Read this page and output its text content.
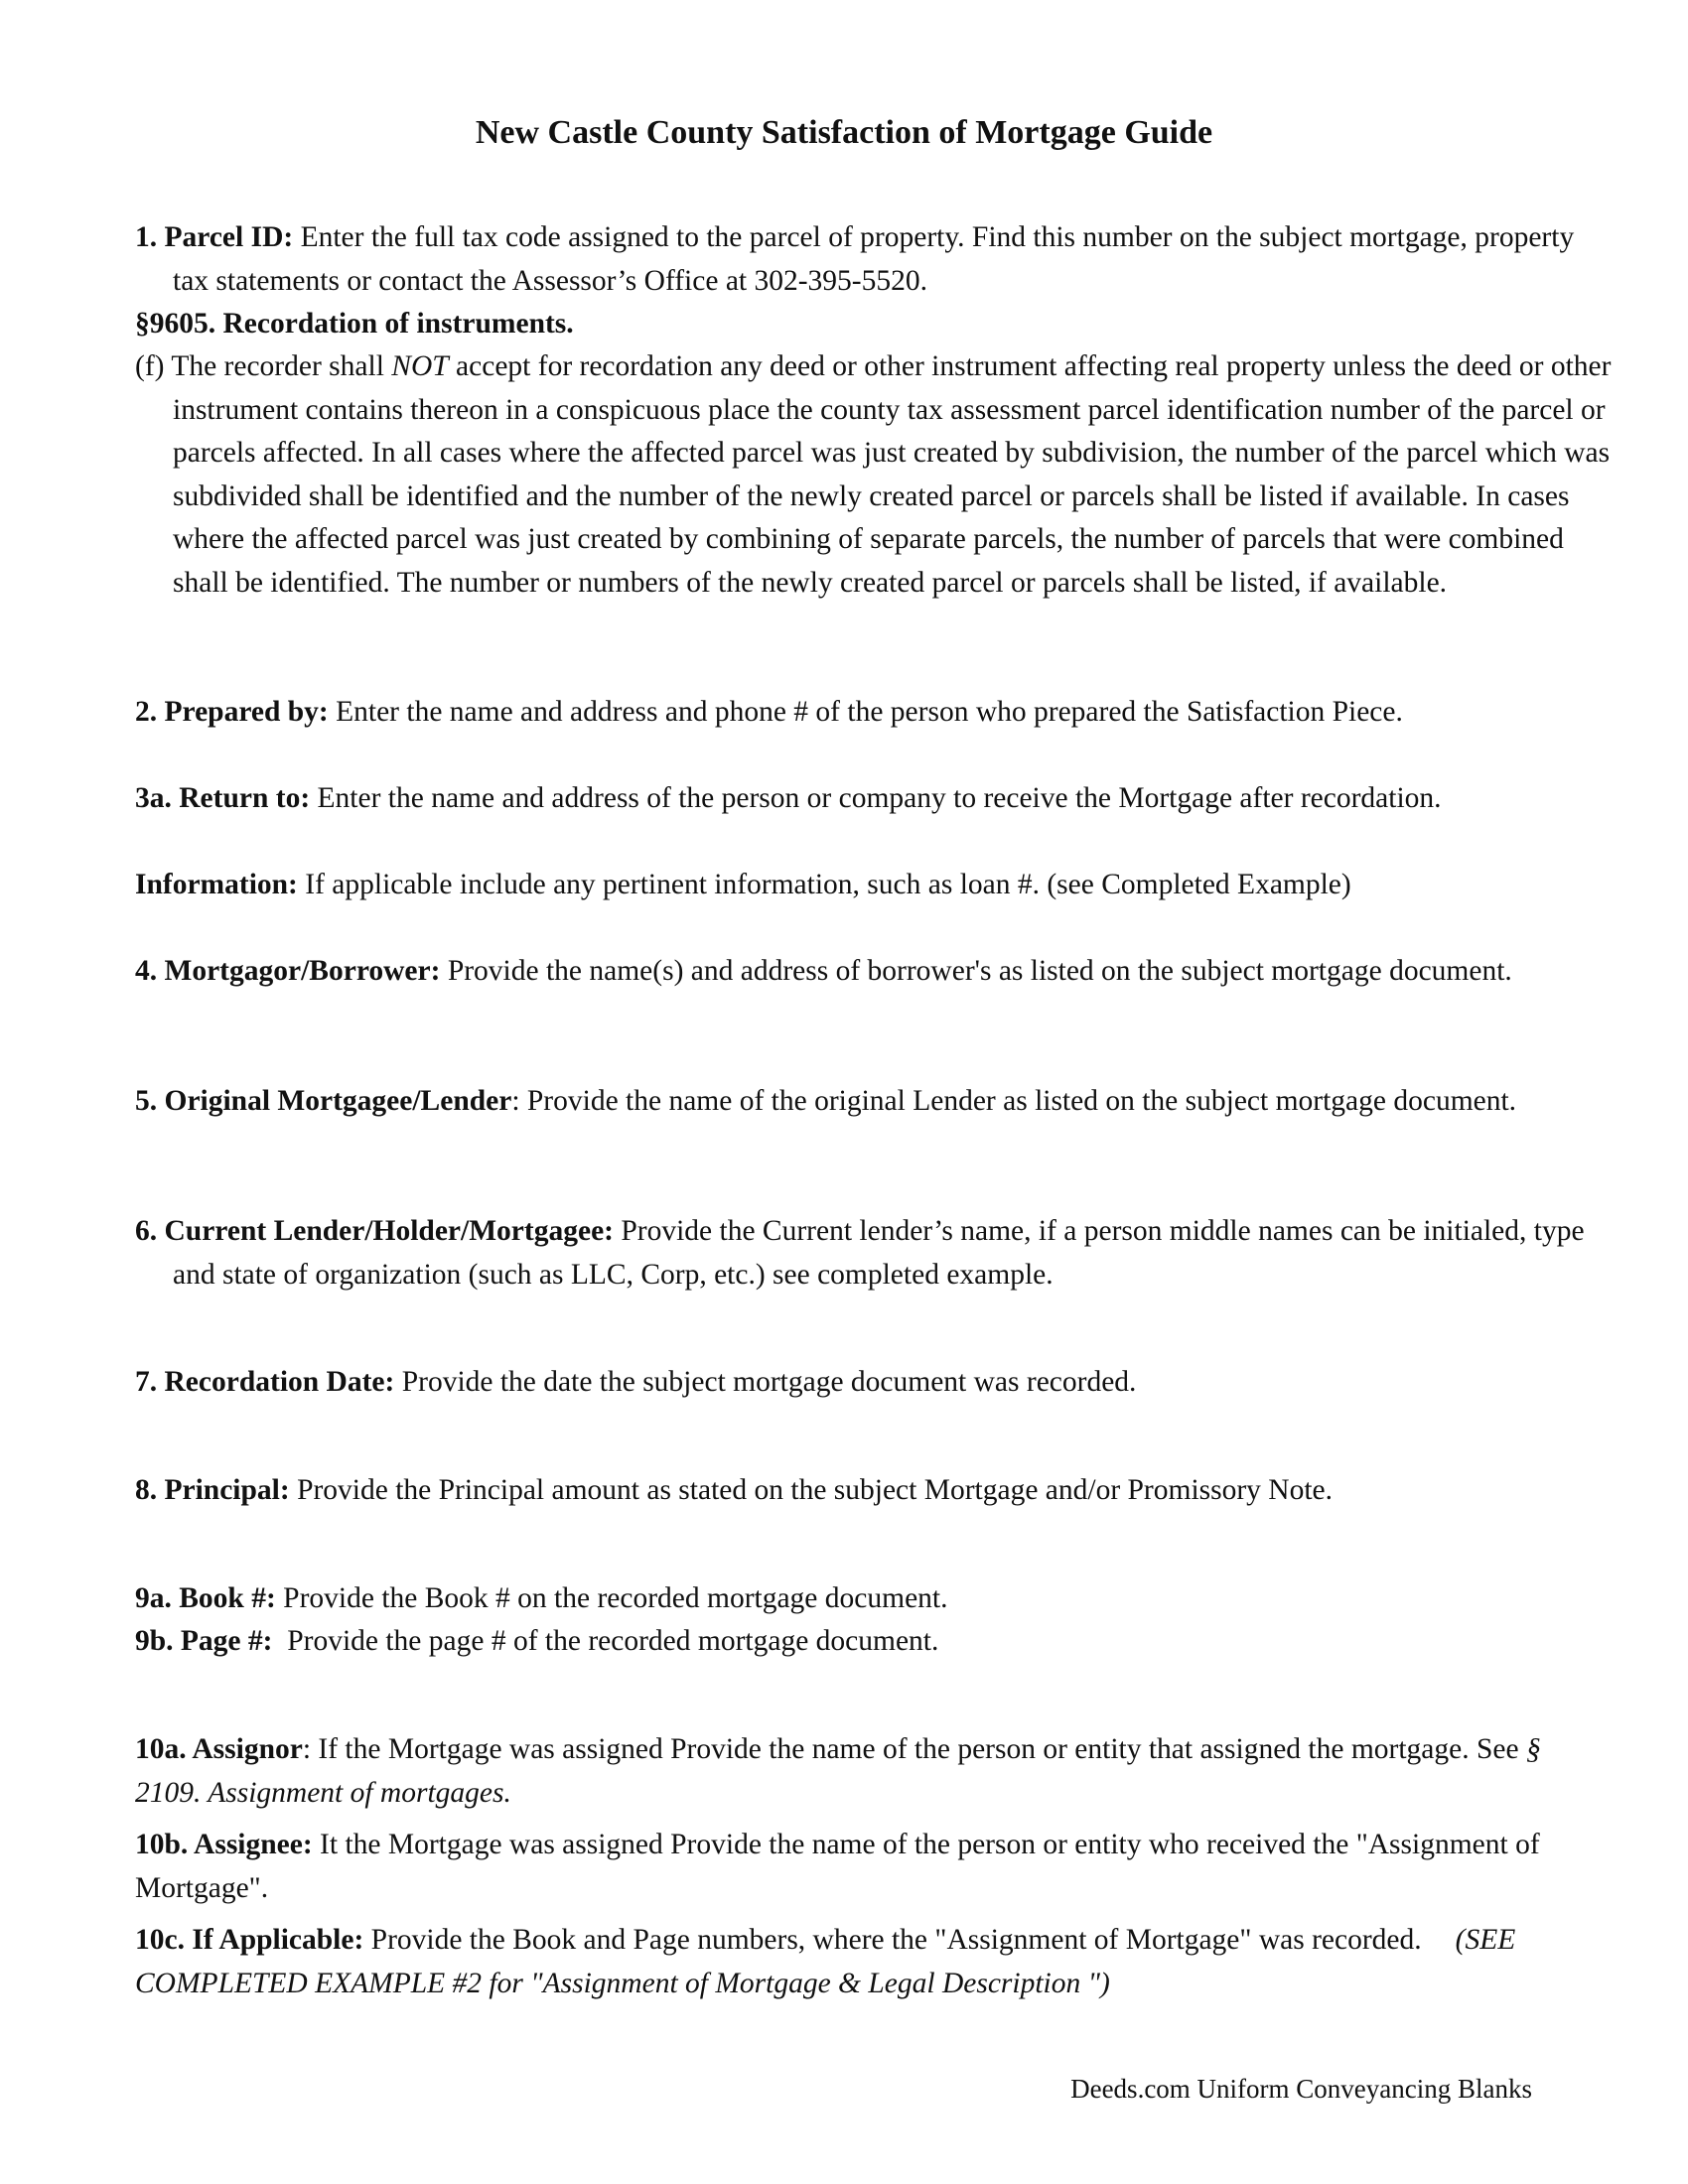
New Castle County Satisfaction of Mortgage Guide
1. Parcel ID: Enter the full tax code assigned to the parcel of property. Find this number on the subject mortgage, property tax statements or contact the Assessor’s Office at 302-395-5520.
§9605. Recordation of instruments.
(f) The recorder shall NOT accept for recordation any deed or other instrument affecting real property unless the deed or other instrument contains thereon in a conspicuous place the county tax assessment parcel identification number of the parcel or parcels affected. In all cases where the affected parcel was just created by subdivision, the number of the parcel which was subdivided shall be identified and the number of the newly created parcel or parcels shall be listed if available. In cases where the affected parcel was just created by combining of separate parcels, the number of parcels that were combined shall be identified. The number or numbers of the newly created parcel or parcels shall be listed, if available.
2. Prepared by: Enter the name and address and phone # of the person who prepared the Satisfaction Piece.
3a. Return to: Enter the name and address of the person or company to receive the Mortgage after recordation.
Information: If applicable include any pertinent information, such as loan #. (see Completed Example)
4. Mortgagor/Borrower: Provide the name(s) and address of borrower's as listed on the subject mortgage document.
5. Original Mortgagee/Lender: Provide the name of the original Lender as listed on the subject mortgage document.
6. Current Lender/Holder/Mortgagee: Provide the Current lender’s name, if a person middle names can be initialed, type and state of organization (such as LLC, Corp, etc.) see completed example.
7. Recordation Date: Provide the date the subject mortgage document was recorded.
8. Principal: Provide the Principal amount as stated on the subject Mortgage and/or Promissory Note.
9a. Book #: Provide the Book # on the recorded mortgage document.
9b. Page #:  Provide the page # of the recorded mortgage document.
10a. Assignor: If the Mortgage was assigned Provide the name of the person or entity that assigned the mortgage. See § 2109. Assignment of mortgages.
10b. Assignee: It the Mortgage was assigned Provide the name of the person or entity who received the "Assignment of Mortgage".
10c. If Applicable: Provide the Book and Page numbers, where the "Assignment of Mortgage" was recorded. (SEE COMPLETED EXAMPLE #2 for "Assignment of Mortgage & Legal Description ")
Deeds.com Uniform Conveyancing Blanks
